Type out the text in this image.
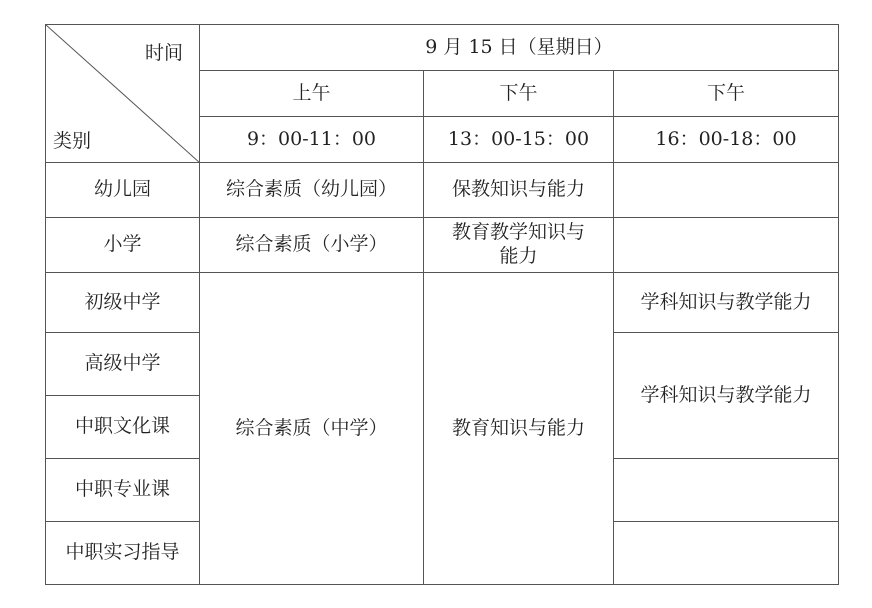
时间
类别	9 月 15 日（星期日）		
	上午	下午	下午
	9：00-11：00	13：00-15：00	16：00-18：00
幼儿园	综合素质（幼儿园）	保教知识与能力	
小学	综合素质（小学）	教育教学知识与能力	
初级中学	综合素质（中学）	教育知识与能力	学科知识与教学能力
高级中学			学科知识与教学能力
中职文化课			
中职专业课			
中职实习指导			
